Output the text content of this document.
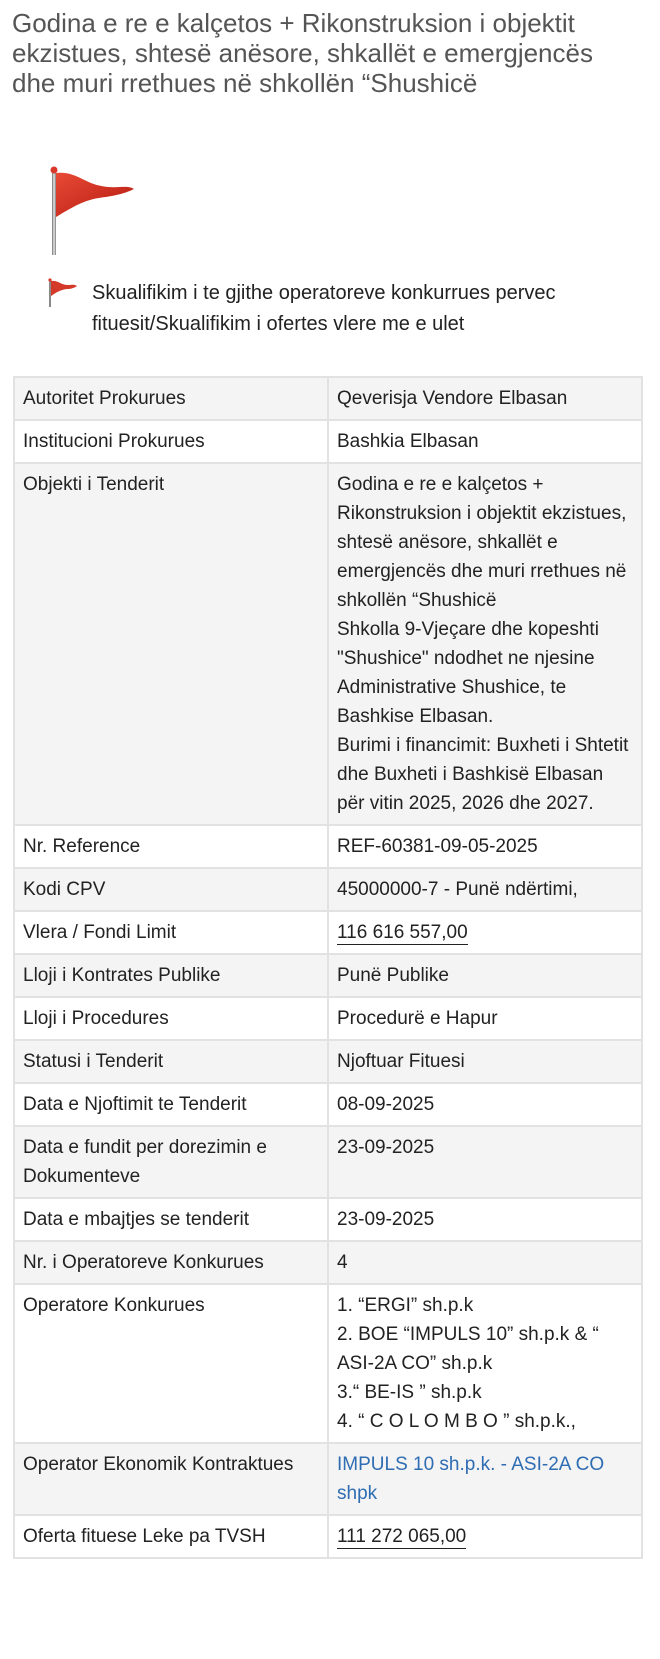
Godina e re e kalçetos + Rikonstruksion i objektit ekzistues, shtesë anësore, shkallët e emergjencës dhe muri rrethues në shkollën “Shushicë

Skualifikim i te gjithe operatoreve konkurrues pervec fituesit/Skualifikim i ofertes vlere me e ulet

Autoritet Prokurues	Qeverisja Vendore Elbasan
Institucioni Prokurues	Bashkia Elbasan
Objekti i Tenderit	Godina e re e kalçetos + Rikonstruksion i objektit ekzistues, shtesë anësore, shkallët e emergjencës dhe muri rrethues në shkollën “Shushicë
Shkolla 9-Vjeçare dhe kopeshti "Shushice" ndodhet ne njesine Administrative Shushice, te Bashkise Elbasan.
Burimi i financimit: Buxheti i Shtetit dhe Buxheti i Bashkisë Elbasan për vitin 2025, 2026 dhe 2027.

Nr. Reference	REF-60381-09-05-2025
Kodi CPV	45000000-7 - Punë ndërtimi,
Vlera / Fondi Limit	116 616 557,00
Lloji i Kontrates Publike	Punë Publike
Lloji i Procedures	Procedurë e Hapur
Statusi i Tenderit	Njoftuar Fituesi
Data e Njoftimit te Tenderit	08-09-2025
Data e fundit per dorezimin e Dokumenteve	23-09-2025
Data e mbajtjes se tenderit	23-09-2025
Nr. i Operatoreve Konkurues	4
Operatore Konkurues	1. “ERGI” sh.p.k
2. BOE “IMPULS 10” sh.p.k & “ ASI-2A CO” sh.p.k
3.“ BE-IS ” sh.p.k
4. “ C O L O M B O ” sh.p.k.,

Operator Ekonomik Kontraktues	IMPULS 10 sh.p.k. - ASI-2A CO shpk
Oferta fituese Leke pa TVSH	111 272 065,00
